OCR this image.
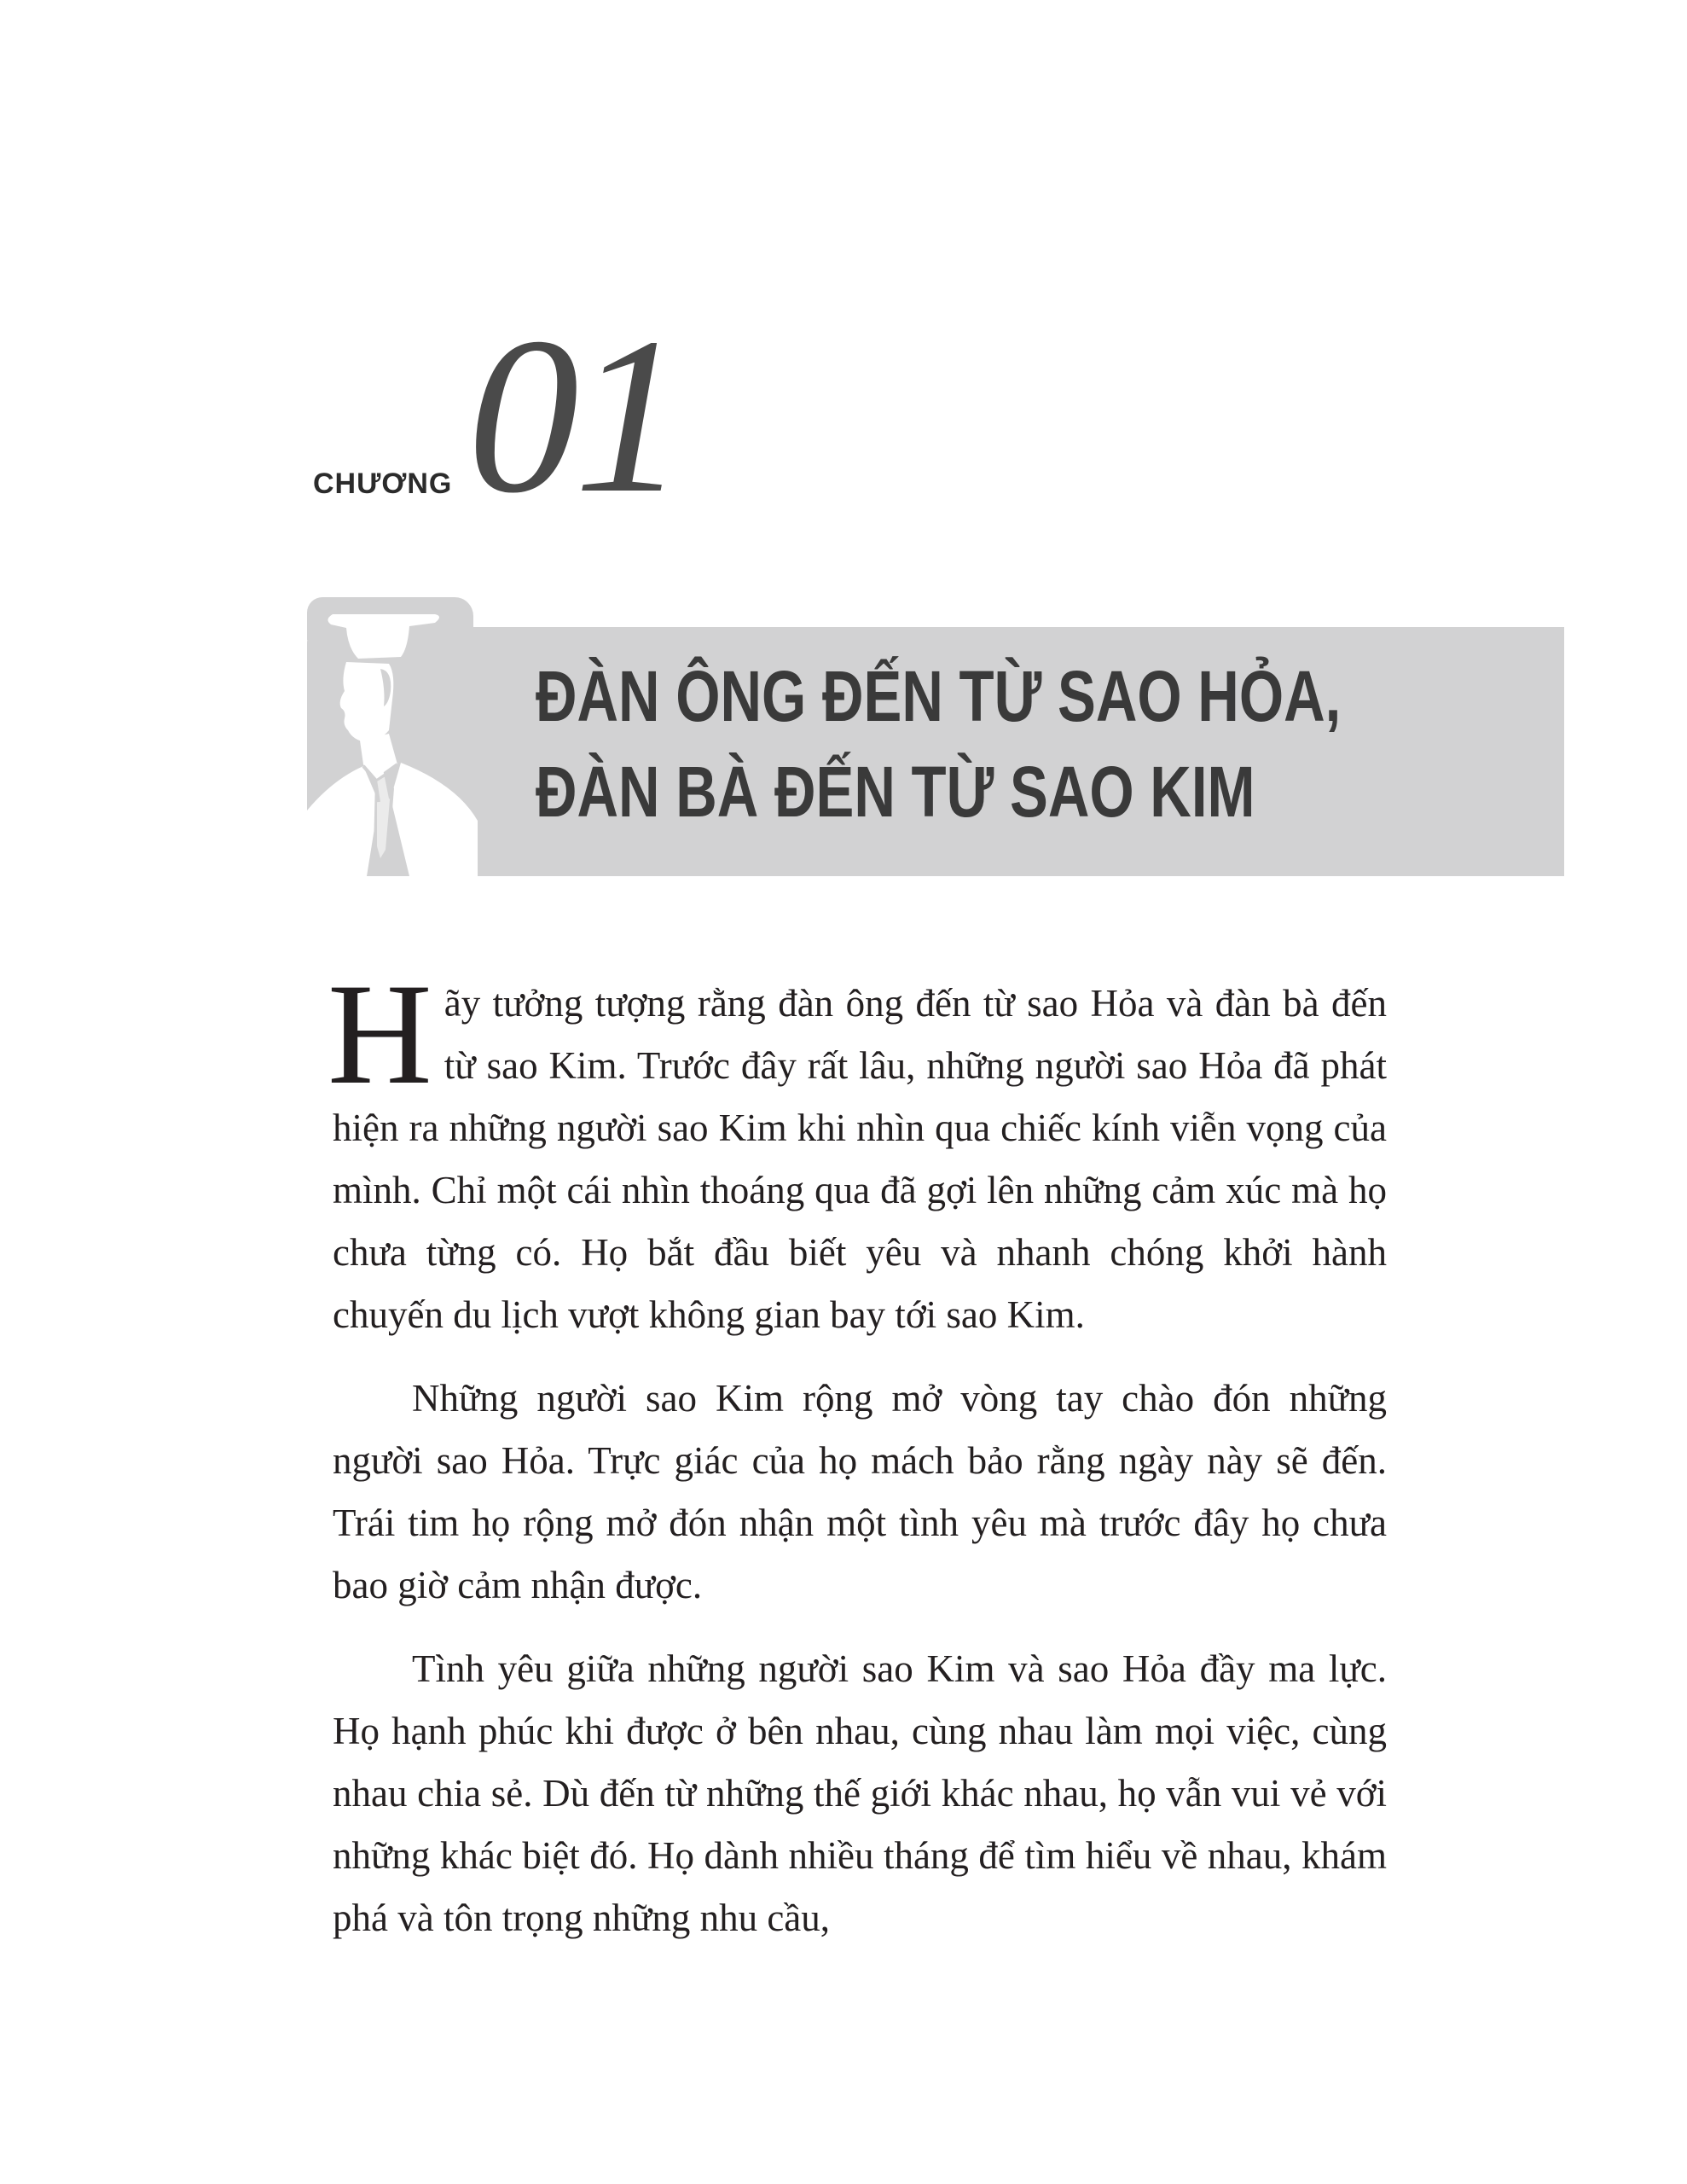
CHƯƠNG 01
ĐÀN ÔNG ĐẾN TỪ SAO HỎA,
ĐÀN BÀ ĐẾN TỪ SAO KIM

Hãy tưởng tượng rằng đàn ông đến từ sao Hỏa và đàn bà đến từ sao Kim. Trước đây rất lâu, những người sao Hỏa đã phát hiện ra những người sao Kim khi nhìn qua chiếc kính viễn vọng của mình. Chỉ một cái nhìn thoáng qua đã gợi lên những cảm xúc mà họ chưa từng có. Họ bắt đầu biết yêu và nhanh chóng khởi hành chuyến du lịch vượt không gian bay tới sao Kim.

Những người sao Kim rộng mở vòng tay chào đón những người sao Hỏa. Trực giác của họ mách bảo rằng ngày này sẽ đến. Trái tim họ rộng mở đón nhận một tình yêu mà trước đây họ chưa bao giờ cảm nhận được.

Tình yêu giữa những người sao Kim và sao Hỏa đầy ma lực. Họ hạnh phúc khi được ở bên nhau, cùng nhau làm mọi việc, cùng nhau chia sẻ. Dù đến từ những thế giới khác nhau, họ vẫn vui vẻ với những khác biệt đó. Họ dành nhiều tháng để tìm hiểu về nhau, khám phá và tôn trọng những nhu cầu,
